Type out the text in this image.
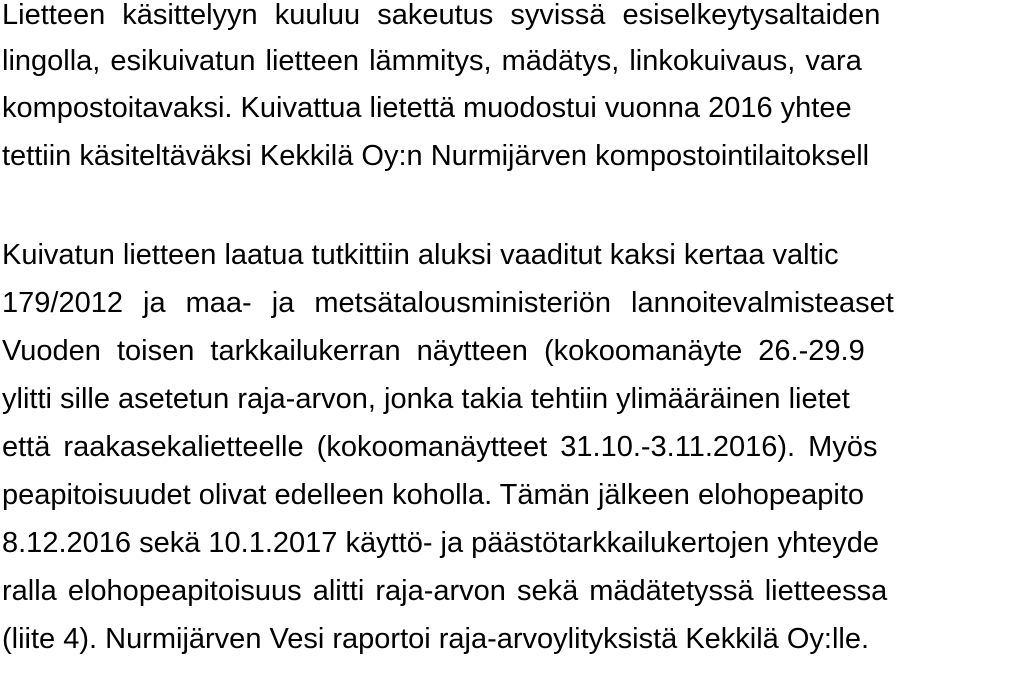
Lietteen käsittelyyn kuuluu sakeutus syvissä esiselkeytysaltaiden
lingolla, esikuivatun lietteen lämmitys, mädätys, linkokuivaus, vara
kompostoitavaksi. Kuivattua lietettä muodostui vuonna 2016 yhtee
tettiin käsiteltäväksi Kekkilä Oy:n Nurmijärven kompostointilaitoksell
Kuivatun lietteen laatua tutkittiin aluksi vaaditut kaksi kertaa valtic
179/2012 ja maa- ja metsätalousministeriön lannoitevalmisteaset
Vuoden toisen tarkkailukerran näytteen (kokoomanäyte 26.-29.9
ylitti sille asetetun raja-arvon, jonka takia tehtiin ylimääräinen lietet
että raakasekalietteelle (kokoomanäytteet 31.10.-3.11.2016). Myös
peapitoisuudet olivat edelleen koholla. Tämän jälkeen elohopeapito
8.12.2016 sekä 10.1.2017 käyttö- ja päästötarkkailukertojen yhteyde
ralla elohopeapitoisuus alitti raja-arvon sekä mädätetyssä lietteessa
(liite 4). Nurmijärven Vesi raportoi raja-arvoylityksistä Kekkilä Oy:lle.
